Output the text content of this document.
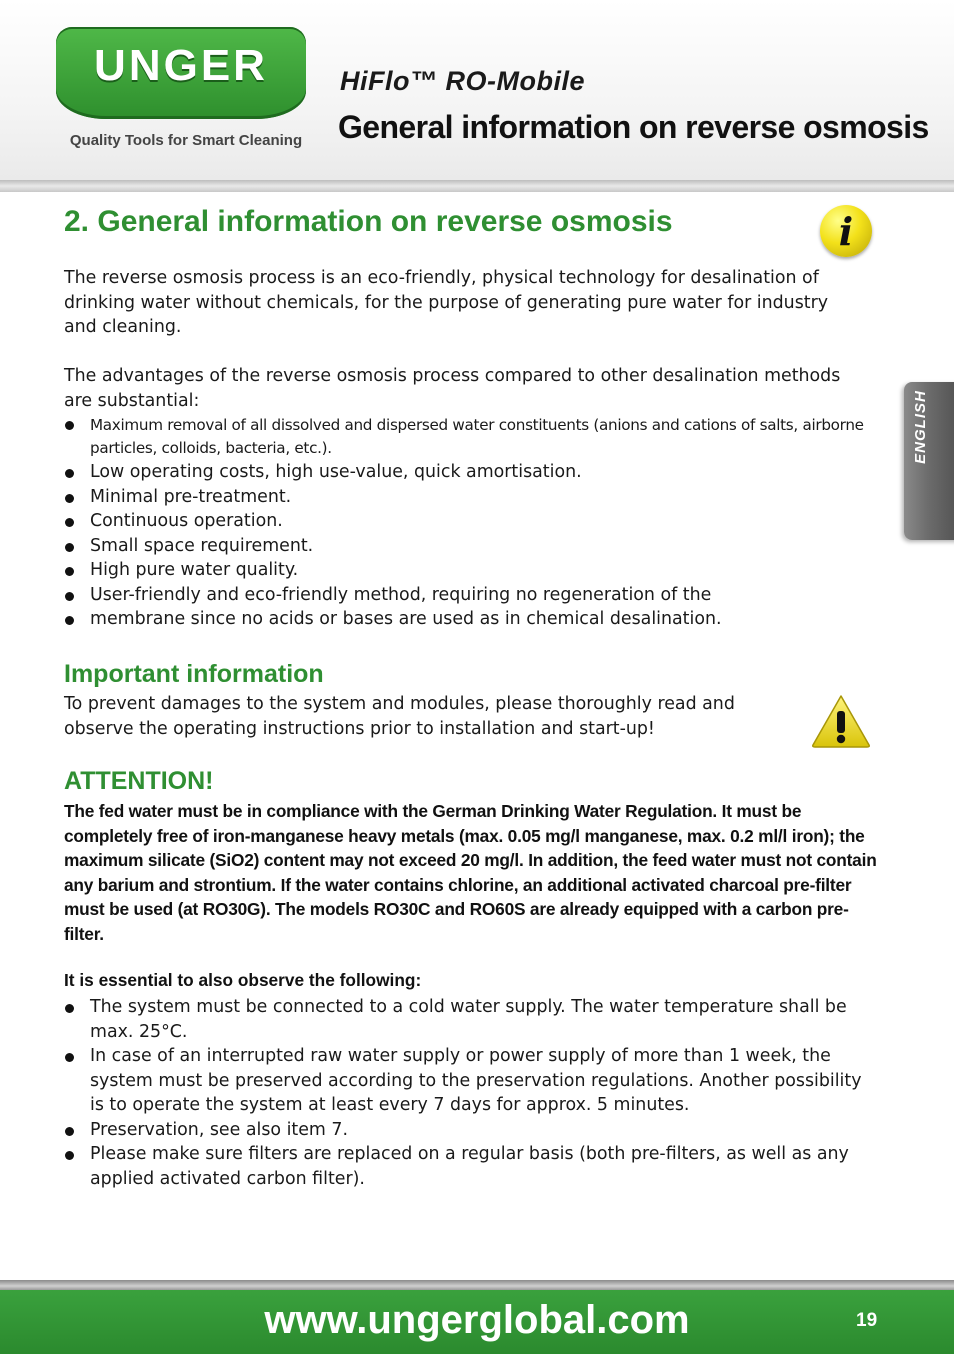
UNGER
Quality Tools for Smart Cleaning
HiFlo™ RO-Mobile
General information on reverse osmosis
ENGLISH
2. General information on reverse osmosis	i
The reverse osmosis process is an eco-friendly, physical technology for desalination of drinking water without chemicals, for the purpose of generating pure water for industry and cleaning.
The advantages of the reverse osmosis process compared to other desalination methods are substantial:
Maximum removal of all dissolved and dispersed water constituents (anions and cations of salts, airborne particles, colloids, bacteria, etc.).
Low operating costs, high use-value, quick amortisation.
Minimal pre-treatment.
Continuous operation.
Small space requirement.
High pure water quality.
User-friendly and eco-friendly method, requiring no regeneration of the
membrane since no acids or bases are used as in chemical desalination.
Important information
To prevent damages to the system and modules, please thoroughly read and observe the operating instructions prior to installation and start-up!
ATTENTION!
The fed water must be in compliance with the German Drinking Water Regulation. It must be completely free of iron-manganese heavy metals (max. 0.05 mg/l manganese, max. 0.2 ml/l iron); the maximum silicate (SiO2) content may not exceed 20 mg/l. In addition, the feed water must not contain any barium and strontium. If the water contains chlorine, an additional activated charcoal pre-filter must be used (at RO30G). The models RO30C and RO60S are already equipped with a carbon pre-filter.
It is essential to also observe the following:
The system must be connected to a cold water supply. The water temperature shall be max. 25°C.
In case of an interrupted raw water supply or power supply of more than 1 week, the system must be preserved according to the preservation regulations. Another possibility is to operate the system at least every 7 days for approx. 5 minutes.
Preservation, see also item 7.
Please make sure filters are replaced on a regular basis (both pre-filters, as well as any applied activated carbon filter).
www.ungerglobal.com	19
